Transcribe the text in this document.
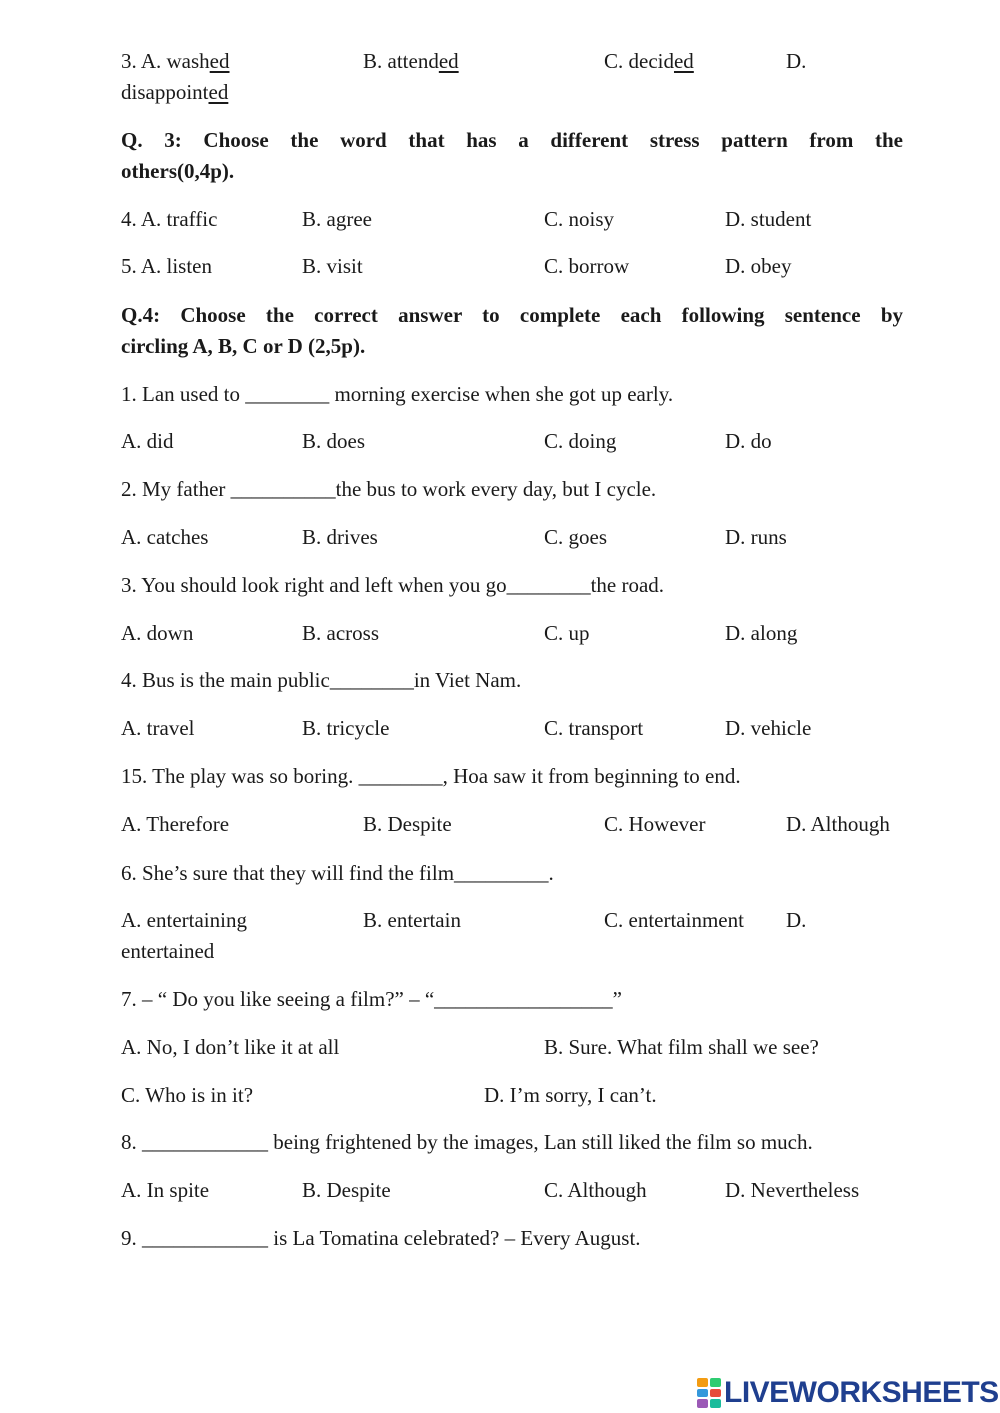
3. A. washed	B. attended	C. decided	D.
disappointed
Q. 3: Choose the word that has a different stress pattern from the
others(0,4p).
4. A. traffic	B. agree	C. noisy	D. student
5. A. listen	B. visit	C. borrow	D. obey
Q.4: Choose the correct answer to complete each following sentence by
circling A, B, C or D (2,5p).
1. Lan used to ________ morning exercise when she got up early.
A. did	B. does	C. doing	D. do
2. My father __________the bus to work every day, but I cycle.
A. catches	B. drives	C. goes	D. runs
3. You should look right and left when you go________the road.
A. down	B. across	C. up	D. along
4. Bus is the main public________in Viet Nam.
A. travel	B. tricycle	C. transport	D. vehicle
15. The play was so boring. ________, Hoa saw it from beginning to end.
A. Therefore	B. Despite	C. However	D. Although
6. She’s sure that they will find the film_________.
A. entertaining	B. entertain	C. entertainment D.
entertained
7. – “ Do you like seeing a film?” – “_________________”
A. No, I don’t like it at all	B. Sure. What film shall we see?
C. Who is in it?	D. I’m sorry, I can’t.
8. ____________ being frightened by the images, Lan still liked the film so much.
A. In spite	B. Despite	C. Although	D. Nevertheless
9. ____________ is La Tomatina celebrated? – Every August.
LIVEWORKSHEETS
